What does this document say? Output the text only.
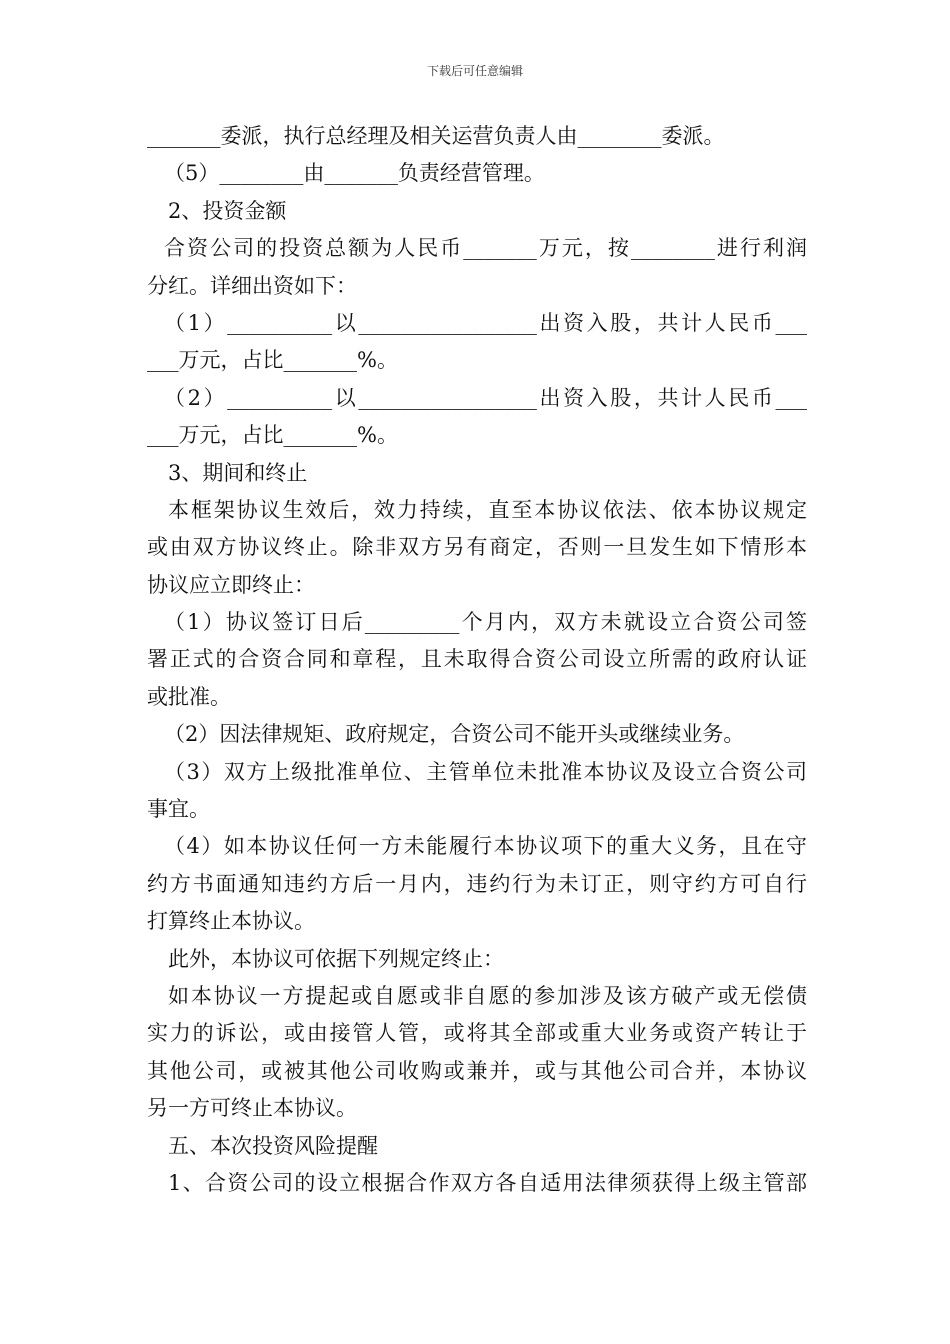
下载后可任意编辑
_______委派，执行总经理及相关运营负责人由________委派。
（5）________由_______负责经营管理。
2、投资金额
合资公司的投资总额为人民币_______万元，按________进行利润
分红。详细出资如下：
（1）__________以_________________出资入股，共计人民币___
___万元，占比_______%。
（2）__________以_________________出资入股，共计人民币___
___万元，占比_______%。
3、期间和终止
本框架协议生效后，效力持续，直至本协议依法、依本协议规定
或由双方协议终止。除非双方另有商定，否则一旦发生如下情形本
协议应立即终止：
（1）协议签订日后_________个月内，双方未就设立合资公司签
署正式的合资合同和章程，且未取得合资公司设立所需的政府认证
或批准。
（2）因法律规矩、政府规定，合资公司不能开头或继续业务。
（3）双方上级批准单位、主管单位未批准本协议及设立合资公司
事宜。
（4）如本协议任何一方未能履行本协议项下的重大义务，且在守
约方书面通知违约方后一月内，违约行为未订正，则守约方可自行
打算终止本协议。
此外，本协议可依据下列规定终止：
如本协议一方提起或自愿或非自愿的参加涉及该方破产或无偿债
实力的诉讼，或由接管人管，或将其全部或重大业务或资产转让于
其他公司，或被其他公司收购或兼并，或与其他公司合并，本协议
另一方可终止本协议。
五、本次投资风险提醒
1、合资公司的设立根据合作双方各自适用法律须获得上级主管部
